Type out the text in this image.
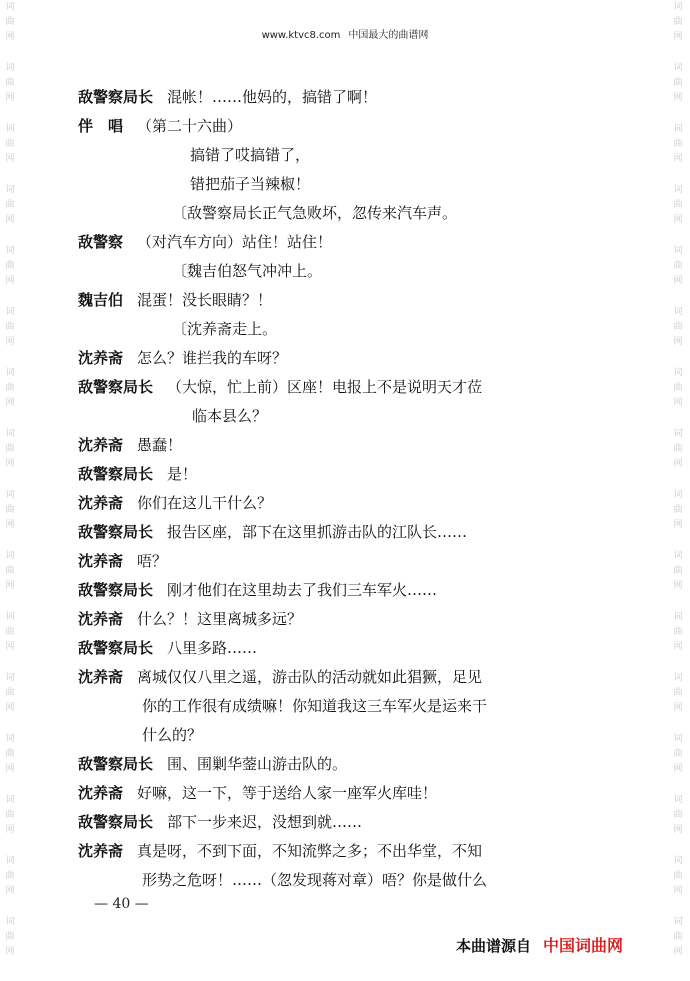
www.ktvc8.com 中国最大的曲谱网
词
曲
网
词
曲
网
词
曲
网
词
曲
网
词
曲
网
词
曲
网
词
曲
网
词
曲
网
词
曲
网
词
曲
网
词
曲
网
词
曲
网
词
曲
网
词
曲
网
词
曲
网
词
曲
网
词
曲
网
词
曲
网
词
曲
网
词
曲
网
词
曲
网
词
曲
网
词
曲
网
词
曲
网
词
曲
网
词
曲
网
词
曲
网
词
曲
网
词
曲
网
词
曲
网
词
曲
网
词
曲
网
敌警察局长 混帐！……他妈的，搞错了啊！
伴　唱 （第二十六曲）
搞错了哎搞错了，
错把茄子当辣椒！
〔敌警察局长正气急败坏，忽传来汽车声。
敌警察 （对汽车方向）站住！站住！
〔魏吉伯怒气冲冲上。
魏吉伯 混蛋！没长眼睛？！
〔沈养斋走上。
沈养斋 怎么？谁拦我的车呀？
敌警察局长 （大惊，忙上前）区座！电报上不是说明天才莅
临本县么？
沈养斋 愚蠢！
敌警察局长 是！
沈养斋 你们在这儿干什么？
敌警察局长 报告区座，部下在这里抓游击队的江队长……
沈养斋 唔？
敌警察局长 刚才他们在这里劫去了我们三车军火……
沈养斋 什么？！这里离城多远？
敌警察局长 八里多路……
沈养斋 离城仅仅八里之遥，游击队的活动就如此猖獗，足见
你的工作很有成绩嘛！你知道我这三车军火是运来干
什么的？
敌警察局长 围、围剿华蓥山游击队的。
沈养斋 好嘛，这一下，等于送给人家一座军火库哇！
敌警察局长 部下一步来迟，没想到就……
沈养斋 真是呀，不到下面，不知流弊之多；不出华堂，不知
形势之危呀！……（忽发现蒋对章）唔？你是做什么
— 40 —
本曲谱源自 中国词曲网
